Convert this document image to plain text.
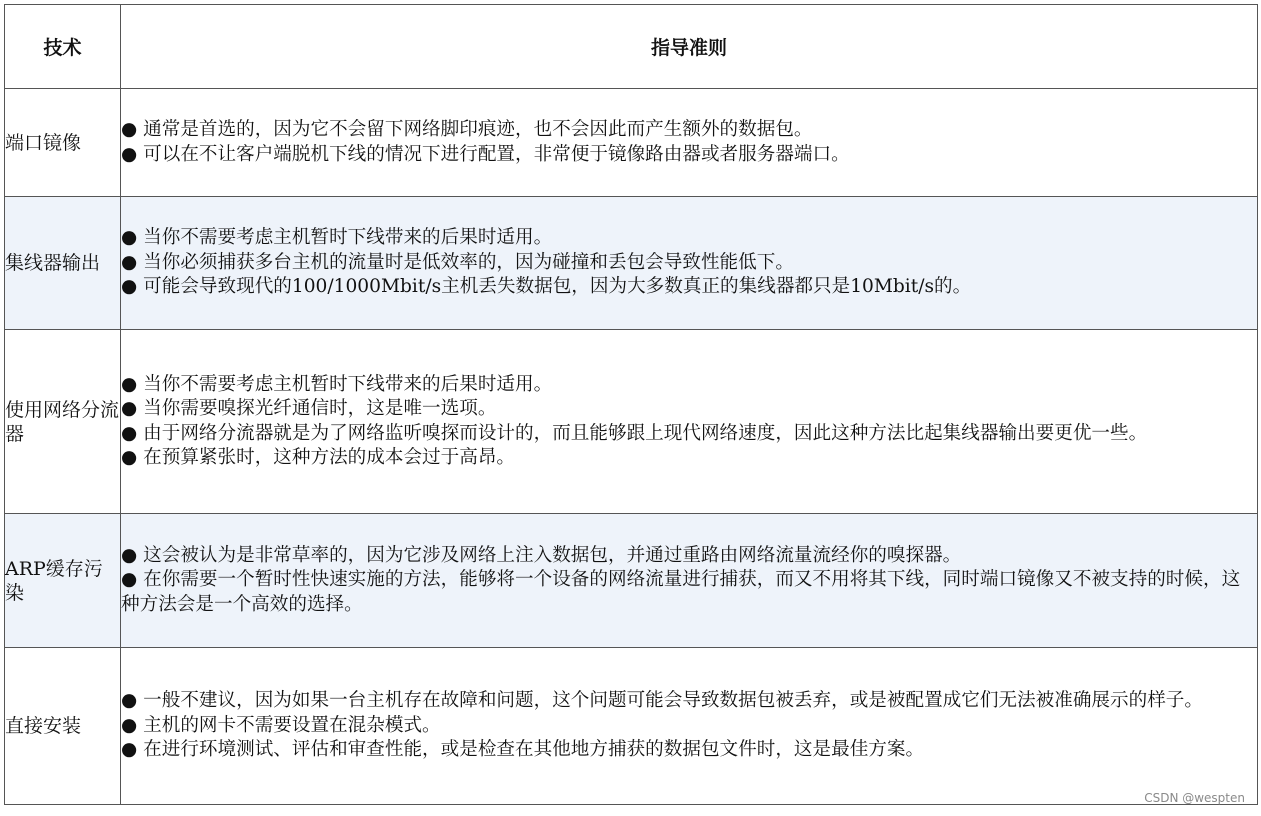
技术	指导准则
端口镜像	● 通常是首选的，因为它不会留下网络脚印痕迹，也不会因此而产生额外的数据包。
● 可以在不让客户端脱机下线的情况下进行配置，非常便于镜像路由器或者服务器端口。

集线器输出	● 当你不需要考虑主机暂时下线带来的后果时适用。
● 当你必须捕获多台主机的流量时是低效率的，因为碰撞和丢包会导致性能低下。
● 可能会导致现代的100/1000Mbit/s主机丢失数据包，因为大多数真正的集线器都只是10Mbit/s的。

使用网络分流器	● 当你不需要考虑主机暂时下线带来的后果时适用。
● 当你需要嗅探光纤通信时，这是唯一选项。
● 由于网络分流器就是为了网络监听嗅探而设计的，而且能够跟上现代网络速度，因此这种方法比起集线器输出要更优一些。
● 在预算紧张时，这种方法的成本会过于高昂。

ARP缓存污染	● 这会被认为是非常草率的，因为它涉及网络上注入数据包，并通过重路由网络流量流经你的嗅探器。
● 在你需要一个暂时性快速实施的方法，能够将一个设备的网络流量进行捕获，而又不用将其下线，同时端口镜像又不被支持的时候，这种方法会是一个高效的选择。

直接安装	● 一般不建议，因为如果一台主机存在故障和问题，这个问题可能会导致数据包被丢弃，或是被配置成它们无法被准确展示的样子。
● 主机的网卡不需要设置在混杂模式。
● 在进行环境测试、评估和审查性能，或是检查在其他地方捕获的数据包文件时，这是最佳方案。
CSDN @wespten
